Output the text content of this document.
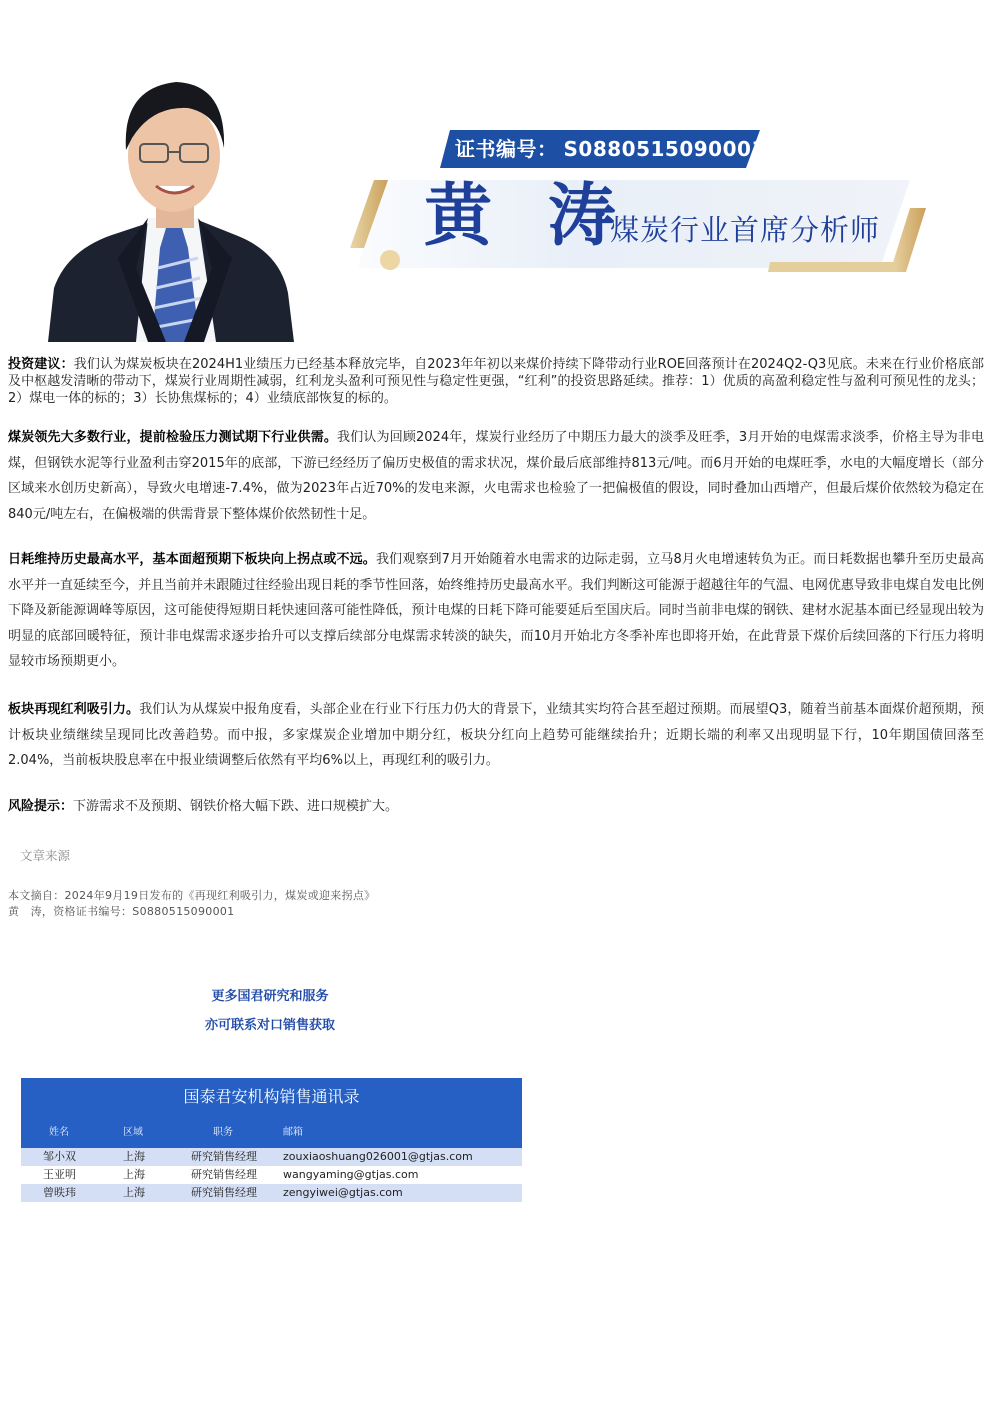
证书编号： S0880515090001
黄 涛
煤炭行业首席分析师

投资建议：我们认为煤炭板块在2024H1业绩压力已经基本释放完毕，自2023年年初以来煤价持续下降带动行业ROE回落预计在2024Q2-Q3见底。未来在行业价格底部及中枢越发清晰的带动下，煤炭行业周期性减弱，红利龙头盈利可预见性与稳定性更强，“红利”的投资思路延续。推荐：1）优质的高盈利稳定性与盈利可预见性的龙头；2）煤电一体的标的；3）长协焦煤标的；4）业绩底部恢复的标的。

煤炭领先大多数行业，提前检验压力测试期下行业供需。我们认为回顾2024年，煤炭行业经历了中期压力最大的淡季及旺季，3月开始的电煤需求淡季，价格主导为非电煤，但钢铁水泥等行业盈利击穿2015年的底部，下游已经经历了偏历史极值的需求状况，煤价最后底部维持813元/吨。而6月开始的电煤旺季，水电的大幅度增长（部分区域来水创历史新高），导致火电增速-7.4%，做为2023年占近70%的发电来源，火电需求也检验了一把偏极值的假设，同时叠加山西增产，但最后煤价依然较为稳定在840元/吨左右，在偏极端的供需背景下整体煤价依然韧性十足。

日耗维持历史最高水平，基本面超预期下板块向上拐点或不远。我们观察到7月开始随着水电需求的边际走弱，立马8月火电增速转负为正。而日耗数据也攀升至历史最高水平并一直延续至今，并且当前并未跟随过往经验出现日耗的季节性回落，始终维持历史最高水平。我们判断这可能源于超越往年的气温、电网优惠导致非电煤自发电比例下降及新能源调峰等原因，这可能使得短期日耗快速回落可能性降低，预计电煤的日耗下降可能要延后至国庆后。同时当前非电煤的钢铁、建材水泥基本面已经显现出较为明显的底部回暖特征，预计非电煤需求逐步抬升可以支撑后续部分电煤需求转淡的缺失，而10月开始北方冬季补库也即将开始，在此背景下煤价后续回落的下行压力将明显较市场预期更小。

板块再现红利吸引力。我们认为从煤炭中报角度看，头部企业在行业下行压力仍大的背景下，业绩其实均符合甚至超过预期。而展望Q3，随着当前基本面煤价超预期，预计板块业绩继续呈现同比改善趋势。而中报，多家煤炭企业增加中期分红，板块分红向上趋势可能继续抬升；近期长端的利率又出现明显下行，10年期国债回落至2.04%，当前板块股息率在中报业绩调整后依然有平均6%以上，再现红利的吸引力。

风险提示：下游需求不及预期、钢铁价格大幅下跌、进口规模扩大。

文章来源
本文摘自：2024年9月19日发布的《再现红利吸引力，煤炭或迎来拐点》
黄　涛，资格证书编号：S0880515090001
更多国君研究和服务
亦可联系对口销售获取
国泰君安机构销售通讯录
姓名	区域	职务	邮箱
邹小双	上海	研究销售经理 zouxiaoshuang026001@gtjas.com
王亚明	上海	研究销售经理 wangyaming@gtjas.com
曾昳玮	上海	研究销售经理 zengyiwei@gtjas.com
